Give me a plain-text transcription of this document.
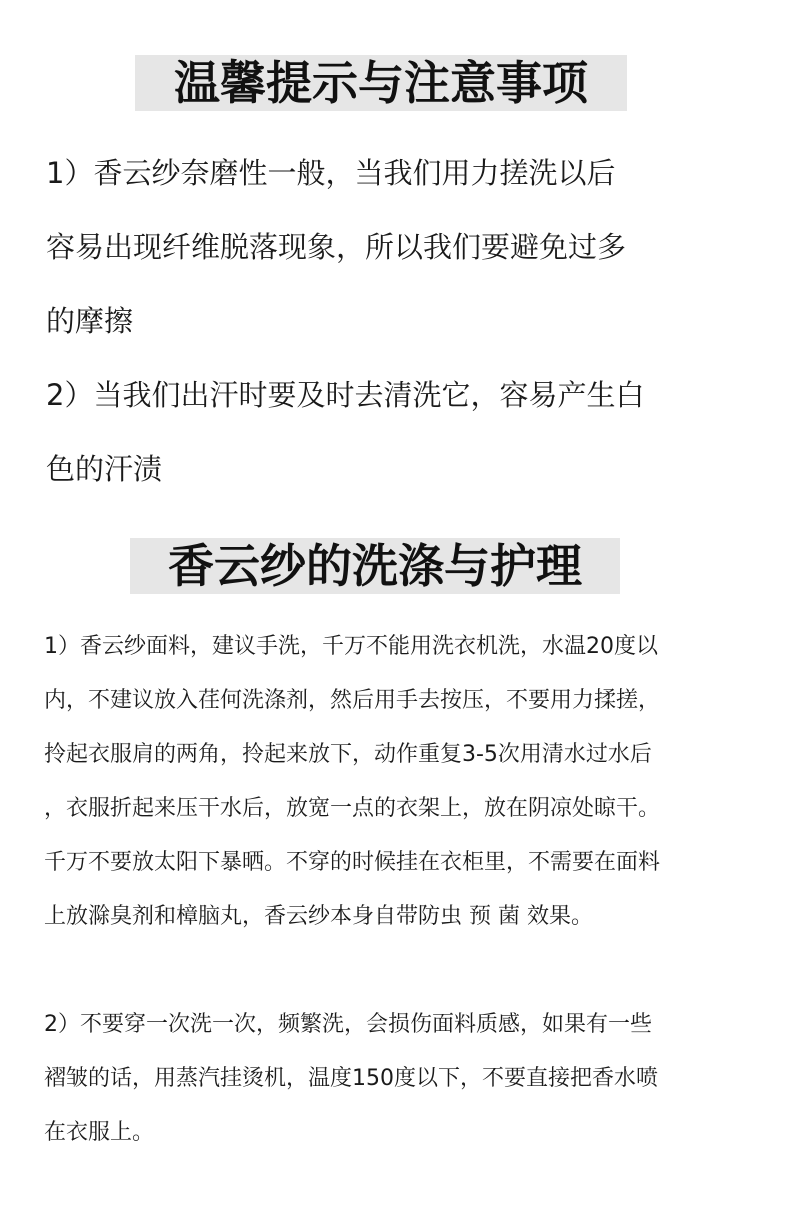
温馨提示与注意事项
1）香云纱奈磨性一般，当我们用力搓洗以后
容易出现纤维脱落现象，所以我们要避免过多
的摩擦
2）当我们出汗时要及时去清洗它，容易产生白
色的汗渍
香云纱的洗涤与护理
1）香云纱面料，建议手洗，千万不能用洗衣机洗，水温20度以
内，不建议放入荏何洗涤剂，然后用手去按压，不要用力揉搓，
拎起衣服肩的两角，拎起来放下，动作重复3-5次用清水过水后
，衣服折起来压干水后，放宽一点的衣架上，放在阴凉处晾干。
千万不要放太阳下暴晒。不穿的时候挂在衣柜里，不需要在面料
上放滁臭剂和樟脑丸，香云纱本身自带防虫 预 菌 效果。
2）不要穿一次洗一次，频繁洗，会损伤面料质感，如果有一些
褶皱的话，用蒸汽挂烫机，温度150度以下，不要直接把香水喷
在衣服上。
